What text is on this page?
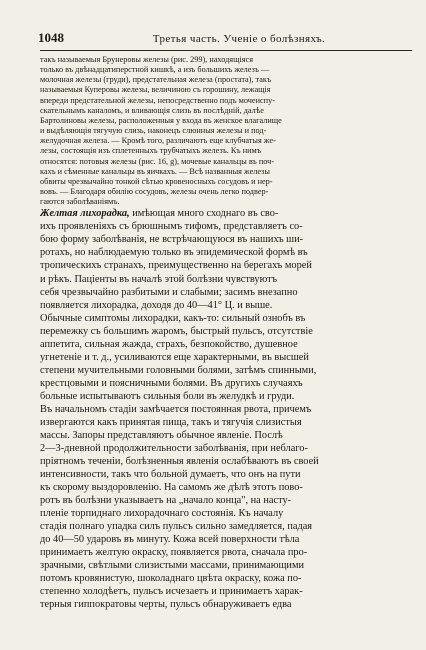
1048	Третья часть. Ученіе о болѣзняхъ.
такъ называемыя Брунеровы железы (рис. 299), находящіяся
только въ двѣнадцатиперстной кишкѣ, а изъ большихъ железъ —
молочная железы (груди), предстательная железа (простата), такъ
называемыя Куперовы железы, величиною съ горошину, лежащія
впереди предстательной железы, непосредственно подъ мочеиспу-
скательнымъ каналомъ, и вливающія слизь въ послѣдній, далѣе
Бартолиновы железы, расположенныя у входа въ женское влагалище
и выдѣляющія тягучую слизь, наконецъ слюнныя железы и под-
желудочная железа. — Кромѣ того, различаютъ еще клубчатыя же-
лезы, состоящія изъ сплетенныхъ трубчатыхъ железъ. Къ нимъ
относятся: потовыя железы (рис. 16, g), мочевые канальцы въ поч-
кахъ и сѣменные канальцы въ яичкахъ. — Всѣ названныя железы
обвиты чрезвычайно тонкой сѣтью кровеносныхъ сосудовъ и нер-
вовъ. — Благодаря обилію сосудовъ, железы очень легко подвер-
гаются заболѣваніямъ.
Желтая лихорадка, имѣющая много сходнаго въ сво-
ихъ проявленіяхъ съ брюшнымъ тифомъ, представляетъ со-
бою форму заболѣванія, не встрѣчающуюся въ нашихъ ши-
ротахъ, но наблюдаемую только въ эпидемической формѣ въ
тропическихъ странахъ, преимущественно на берегахъ морей
и рѣкъ. Паціенты въ началѣ этой болѣзни чувствуютъ
себя чрезвычайно разбитыми и слабыми; засимъ внезапно
появляется лихорадка, доходя до 40—41° Ц. и выше.
Обычные симптомы лихорадки, какъ-то: сильный ознобъ въ
перемежку съ большимъ жаромъ, быстрый пульсъ, отсутствіе
аппетита, сильная жажда, страхъ, безпокойство, душевное
угнетеніе и т. д., усиливаются еще характерными, въ высшей
степени мучительными головными болями, затѣмъ спинными,
крестцовыми и поясничными болями. Въ другихъ случаяхъ
больные испытываютъ сильныя боли въ желудкѣ и груди.
Въ начальномъ стадіи замѣчается постоянная рвота, причемъ
извергаются какъ принятая пища, такъ и тягучія слизистыя
массы. Запоры представляютъ обычное явленіе. Послѣ
2—3-дневной продолжительности заболѣванія, при неблаго-
пріятномъ теченіи, болѣзненныя явленія ослабѣваютъ въ своей
интенсивности, такъ что больной думаетъ, что онъ на пути
къ скорому выздоровленію. На самомъ же дѣлѣ этотъ пово-
ротъ въ болѣзни указываетъ на „начало конца", на насту-
пленіе торпиднаго лихорадочнаго состоянія. Къ началу
стадія полнаго упадка силъ пульсъ сильно замедляется, падая
до 40—50 ударовъ въ минуту. Кожа всей поверхности тѣла
принимаетъ желтую окраску, появляется рвота, сначала про-
зрачными, свѣтлыми слизистыми массами, принимающими
потомъ кровянистую, шоколаднаго цвѣта окраску, кожа по-
степенно холодѣетъ, пульсъ исчезаетъ и принимаетъ харак-
терныя гиппократовы черты, пульсъ обнаруживаетъ едва
